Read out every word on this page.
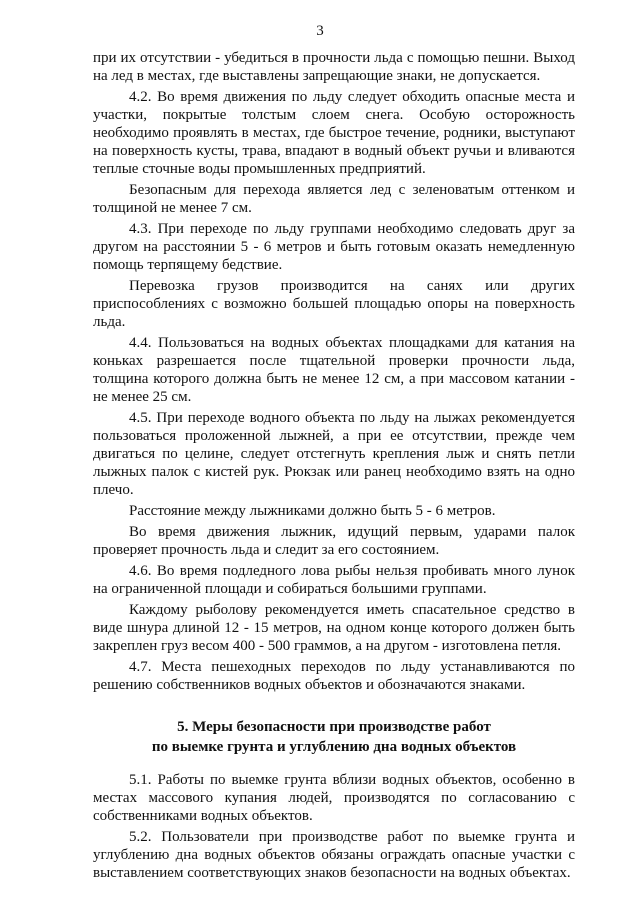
3

при их отсутствии - убедиться в прочности льда с помощью пешни. Выход на лед в местах, где выставлены запрещающие знаки, не допускается.

4.2. Во время движения по льду следует обходить опасные места и участки, покрытые толстым слоем снега. Особую осторожность необходимо проявлять в местах, где быстрое течение, родники, выступают на поверхность кусты, трава, впадают в водный объект ручьи и вливаются теплые сточные воды промышленных предприятий.

Безопасным для перехода является лед с зеленоватым оттенком и толщиной не менее 7 см.

4.3. При переходе по льду группами необходимо следовать друг за другом на расстоянии 5 - 6 метров и быть готовым оказать немедленную помощь терпящему бедствие.

Перевозка грузов производится на санях или других приспособлениях с возможно большей площадью опоры на поверхность льда.

4.4. Пользоваться на водных объектах площадками для катания на коньках разрешается после тщательной проверки прочности льда, толщина которого должна быть не менее 12 см, а при массовом катании - не менее 25 см.

4.5. При переходе водного объекта по льду на лыжах рекомендуется пользоваться проложенной лыжней, а при ее отсутствии, прежде чем двигаться по целине, следует отстегнуть крепления лыж и снять петли лыжных палок с кистей рук. Рюкзак или ранец необходимо взять на одно плечо.

Расстояние между лыжниками должно быть 5 - 6 метров.

Во время движения лыжник, идущий первым, ударами палок проверяет прочность льда и следит за его состоянием.

4.6. Во время подледного лова рыбы нельзя пробивать много лунок на ограниченной площади и собираться большими группами.

Каждому рыболову рекомендуется иметь спасательное средство в виде шнура длиной 12 - 15 метров, на одном конце которого должен быть закреплен груз весом 400 - 500 граммов, а на другом - изготовлена петля.

4.7. Места пешеходных переходов по льду устанавливаются по решению собственников водных объектов и обозначаются знаками.

5. Меры безопасности при производстве работ
по выемке грунта и углублению дна водных объектов

5.1. Работы по выемке грунта вблизи водных объектов, особенно в местах массового купания людей, производятся по согласованию с собственниками водных объектов.

5.2. Пользователи при производстве работ по выемке грунта и углублению дна водных объектов обязаны ограждать опасные участки с выставлением соответствующих знаков безопасности на водных объектах.
